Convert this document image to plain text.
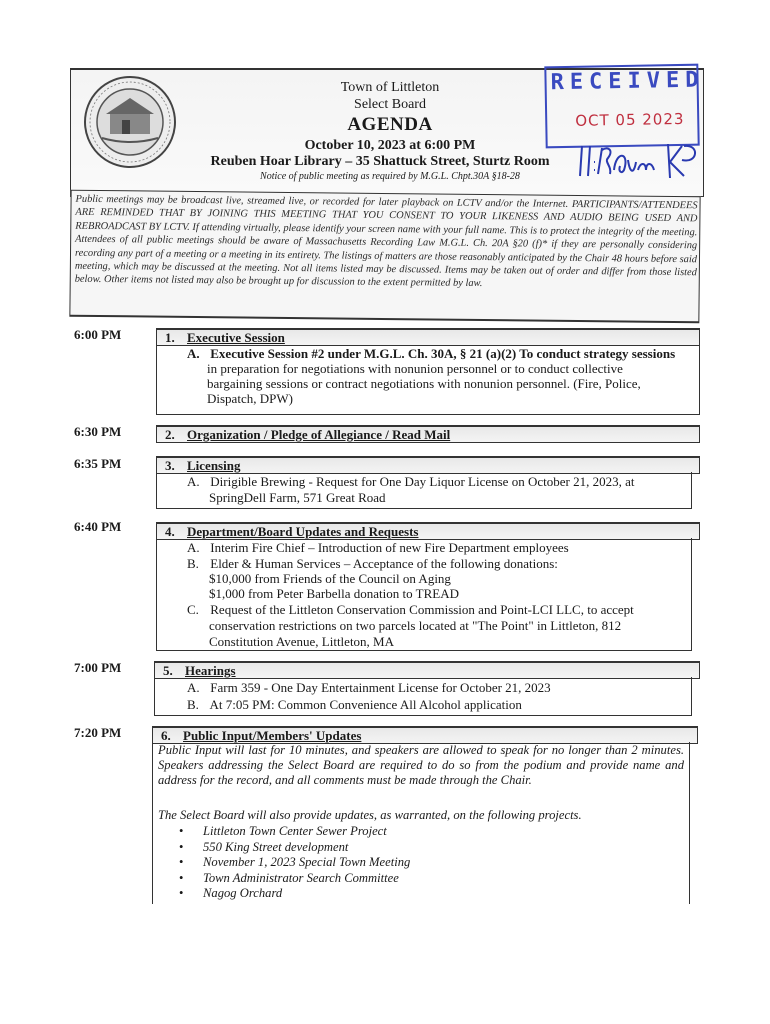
Town of Littleton
Select Board
AGENDA
October 10, 2023 at 6:00 PM
Reuben Hoar Library – 35 Shattuck Street, Sturtz Room
Notice of public meeting as required by M.G.L. Chpt.30A §18-28
RECEIVED
OCT 05 2023
Public meetings may be broadcast live, streamed live, or recorded for later playback on LCTV and/or the Internet. PARTICIPANTS/ATTENDEES ARE REMINDED THAT BY JOINING THIS MEETING THAT YOU CONSENT TO YOUR LIKENESS AND AUDIO BEING USED AND REBROADCAST BY LCTV. If attending virtually, please identify your screen name with your full name. This is to protect the integrity of the meeting. Attendees of all public meetings should be aware of Massachusetts Recording Law M.G.L. Ch. 20A §20 (f)* if they are personally considering recording any part of a meeting or a meeting in its entirety. The listings of matters are those reasonably anticipated by the Chair 48 hours before said meeting, which may be discussed at the meeting. Not all items listed may be discussed. Items may be taken out of order and differ from those listed below. Other items not listed may also be brought up for discussion to the extent permitted by law.
6:00 PM	1. Executive Session
A. Executive Session #2 under M.G.L. Ch. 30A, § 21 (a)(2) To conduct strategy sessions
in preparation for negotiations with nonunion personnel or to conduct collective
bargaining sessions or contract negotiations with nonunion personnel. (Fire, Police,
Dispatch, DPW)
6:30 PM	2. Organization / Pledge of Allegiance / Read Mail
6:35 PM	3. Licensing
A. Dirigible Brewing - Request for One Day Liquor License on October 21, 2023, at
SpringDell Farm, 571 Great Road
6:40 PM	4. Department/Board Updates and Requests
A. Interim Fire Chief – Introduction of new Fire Department employees
B. Elder & Human Services – Acceptance of the following donations:
$10,000 from Friends of the Council on Aging
$1,000 from Peter Barbella donation to TREAD
C. Request of the Littleton Conservation Commission and Point-LCI LLC, to accept
conservation restrictions on two parcels located at "The Point" in Littleton, 812
Constitution Avenue, Littleton, MA
7:00 PM	5. Hearings
A. Farm 359 - One Day Entertainment License for October 21, 2023
B. At 7:05 PM: Common Convenience All Alcohol application
7:20 PM	6. Public Input/Members' Updates
Public Input will last for 10 minutes, and speakers are allowed to speak for no longer than 2 minutes. Speakers addressing the Select Board are required to do so from the podium and provide name and address for the record, and all comments must be made through the Chair.
The Select Board will also provide updates, as warranted, on the following projects.
• Littleton Town Center Sewer Project
• 550 King Street development
• November 1, 2023 Special Town Meeting
• Town Administrator Search Committee
• Nagog Orchard
